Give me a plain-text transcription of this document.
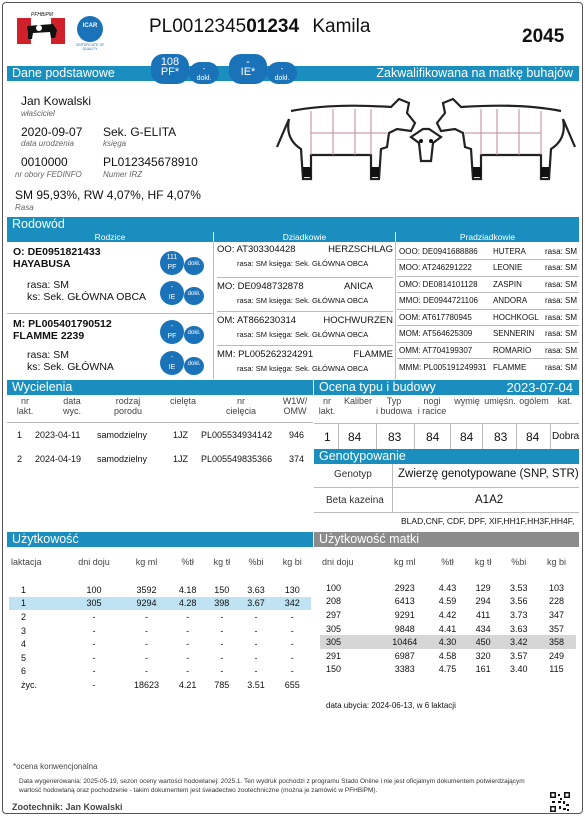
PFHBiPM
ICAR
CERTIFICATE OF QUALITY
PL001234501234 Kamila	2045
Dane podstawowe	Zakwalifikowana na matkę buhajów
108
PF*	-
dokł.
-
IE*	-
dokł.
Jan Kowalski
właściciel
2020-09-07
data urodzenia
Sek. G-ELITA
księga
0010000
nr obory FEDINFO
PL012345678910
Numer IRZ
SM 95,93%, RW 4,07%, HF 4,07%
Rasa
Rodowód
Rodzice	Dziadkowie	Pradziadkowie
O: DE0951821433
HAYABUSA
rasa: SM
ks: Sek. GŁÓWNA OBCA
111
PF	dokł.
-
IE	dokł.
M: PL005401790512
FLAMME 2239
rasa: SM
ks: Sek. GŁÓWNA
-
PF	dokł.
-
IE	dokł.
OO: AT303304428	HERZSCHLAG
rasa: SM księga: Sek. GŁÓWNA OBCA
MO: DE0948732878	ANICA
rasa: SM księga: Sek. GŁÓWNA OBCA
OM: AT866230314	HOCHWURZEN
rasa: SM księga: Sek. GŁÓWNA OBCA
MM: PL005262324291	FLAMME
rasa: SM księga: Sek. GŁÓWNA OBCA
OOO: DE0941688886	HUTERA	rasa: SM
MOO: AT246291222	LEONIE	rasa: SM
OMO: DE0814101128	ZASPIN	rasa: SM
MMO: DE0944721106	ANDORA	rasa: SM
OOM: AT617780945	HOCHKOGL	rasa: SM
MOM: AT564625309	SENNERIN	rasa: SM
OMM: AT704199307	ROMARIO	rasa: SM
MMM: PL005191249931	FLAMME	rasa: SM
Wycielenia
nr
lakt.
data
wyc.
rodzaj
porodu
cielęta	nr
cielęcia
W1W/
OMW
1 2023-04-11 samodzielny	1JZ PL005534934142 946
2 2024-04-19 samodzielny	1JZ PL005549835366 374
Ocena typu i budowy	2023-07-04
nr
lakt.
Kaliber	Typ
i budowa
nogi
i racice
wymię umięśn. ogólem kat.
1 84 83 84 84 83 84 Dobra
Genotypowanie
Genotyp Zwierzę genotypowane (SNP, STR)
Beta kazeina	A1A2
BLAD,CNF, CDF, DPF, XIF,HH1F,HH3F,HH4F,
Użytkowość
laktacja	dni doju	kg ml	%tł	kg tł	%bi	kg bi

1	100	3592	4.18	150	3.63	130
1	305	9294	4.28	398	3.67	342
2	-	-	-	-	-	-
3	-	-	-	-	-	-
4	-	-	-	-	-	-
5	-	-	-	-	-	-
6	-	-	-	-	-	-
życ.	-	18623	4.21	785	3.51	655
Użytkowość matki
dni doju	kg ml	%tł	kg tł	%bi	kg bi

100	2923	4.43	129	3.53	103
208	6413	4.59	294	3.56	228
297	9291	4.42	411	3.73	347
305	9848	4.41	434	3.63	357
305	10464	4.30	450	3.42	358
291	6987	4.58	320	3.57	249
150	3383	4.75	161	3.40	115
data ubycia: 2024-06-13, w 6 laktacji
*ocena konwencjonalna
Data wygenerowania: 2025-05-19, sezon oceny wartości hodowlanej: 2025.1. Ten wydruk pochodzi z programu Stado Online i nie jest oficjalnym dokumentem potwierdzającym wartość hodowlaną oraz pochodzenie - takim dokumentem jest świadectwo zootechniczne (można je zamówić w PFHBiPM).
Zootechnik: Jan Kowalski
